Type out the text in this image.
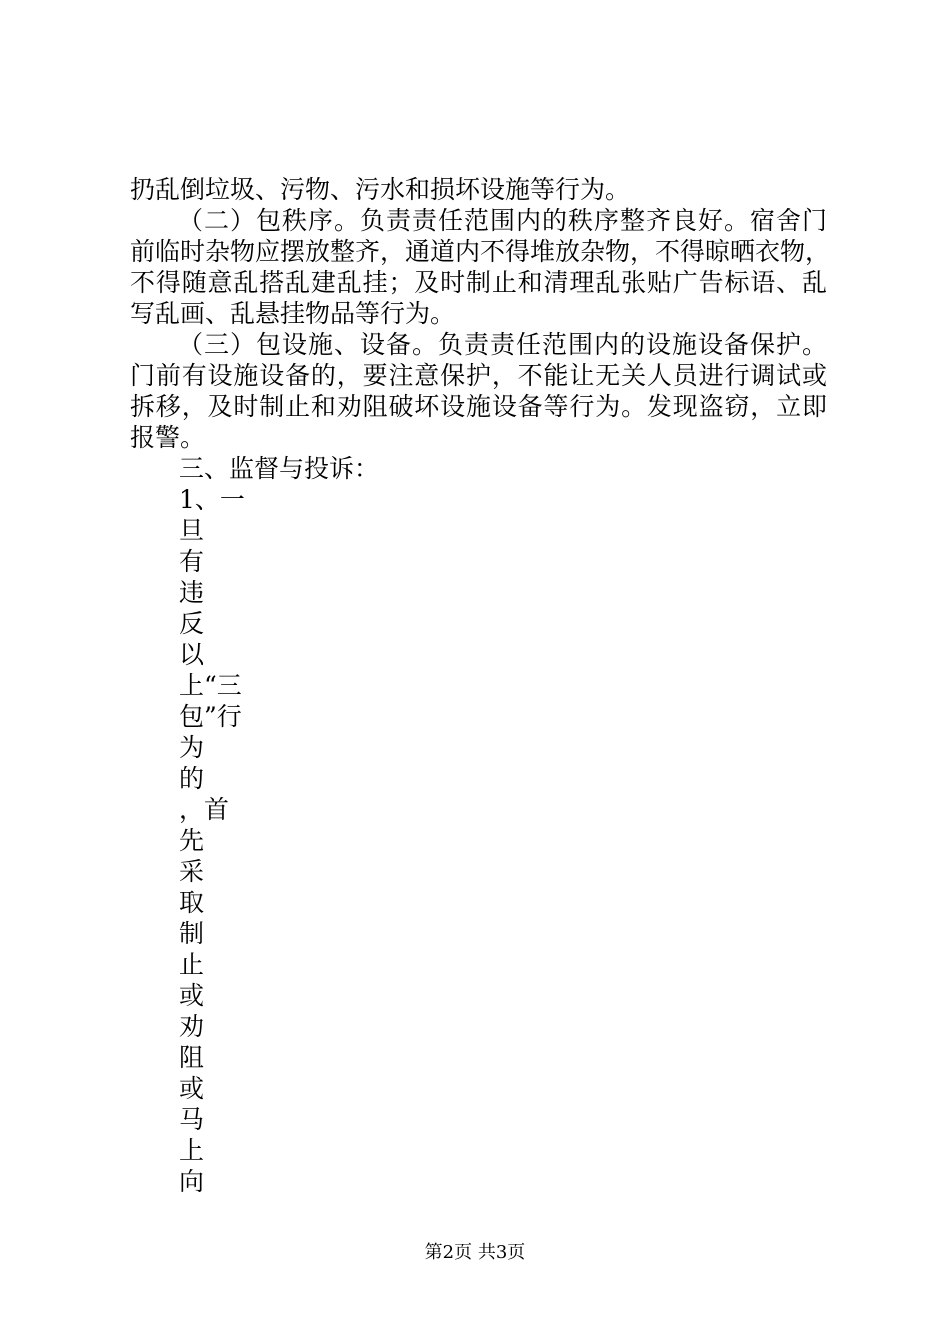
扔乱倒垃圾、污物、污水和损坏设施等行为。
（二）包秩序。负责责任范围内的秩序整齐良好。宿舍门
前临时杂物应摆放整齐，通道内不得堆放杂物，不得晾晒衣物，
不得随意乱搭乱建乱挂；及时制止和清理乱张贴广告标语、乱
写乱画、乱悬挂物品等行为。
（三）包设施、设备。负责责任范围内的设施设备保护。
门前有设施设备的，要注意保护，不能让无关人员进行调试或
拆移，及时制止和劝阻破坏设施设备等行为。发现盗窃，立即
报警。
三、监督与投诉：
1、一
旦
有
违
反
以
上“三
包”行
为
的
，首
先
采
取
制
止
或
劝
阻
或
马
上
向
第2页 共3页
